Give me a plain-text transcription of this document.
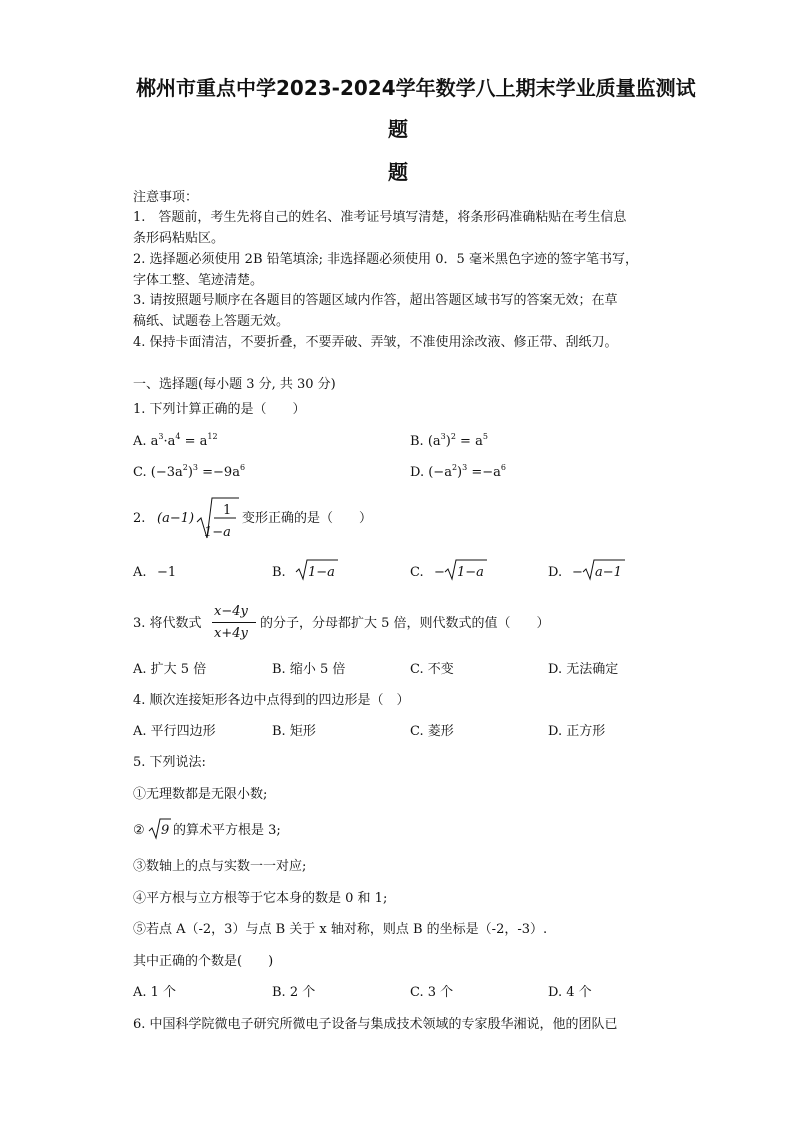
郴州市重点中学2023-2024学年数学八上期末学业质量监测试
题
题
注意事项：
1.　答题前，考生先将自己的姓名、准考证号填写清楚，将条形码准确粘贴在考生信息
条形码粘贴区。
2. 选择题必须使用 2B 铅笔填涂; 非选择题必须使用 0．5 毫米黑色字迹的签字笔书写，
字体工整、笔迹清楚。
3. 请按照题号顺序在各题目的答题区域内作答，超出答题区域书写的答案无效；在草
稿纸、试题卷上答题无效。
4. 保持卡面清洁，不要折叠，不要弄破、弄皱，不准使用涂改液、修正带、刮纸刀。
一、选择题(每小题 3 分, 共 30 分)
1. 下列计算正确的是（　　）
A. $a^3\cdot a^4 = a^{12}$	B. $(a^3)^2 = a^5$
C. $(-3a^2)^3 =-9a^6$	D. $(-a^2)^3 =-a^6$
2. (a−1)
1
1−a
变形正确的是（　　）
A. −1	B. 1−a	C. − 1−a	D. − a−1
3. 将代数式
x−4y
x+4y
的分子，分母都扩大 5 倍，则代数式的值（　　）
A. 扩大 5 倍	B. 缩小 5 倍	C. 不变	D. 无法确定
4. 顺次连接矩形各边中点得到的四边形是（　）
A. 平行四边形	B. 矩形	C. 菱形	D. 正方形
5. 下列说法:
①无理数都是无限小数;
② 9 的算术平方根是 3;
③数轴上的点与实数一一对应;
④平方根与立方根等于它本身的数是 0 和 1;
⑤若点 A（-2，3）与点 B 关于 x 轴对称，则点 B 的坐标是（-2，-3）.
其中正确的个数是(　　)
A. 1 个	B. 2 个	C. 3 个	D. 4 个
6. 中国科学院微电子研究所微电子设备与集成技术领域的专家殷华湘说，他的团队已
